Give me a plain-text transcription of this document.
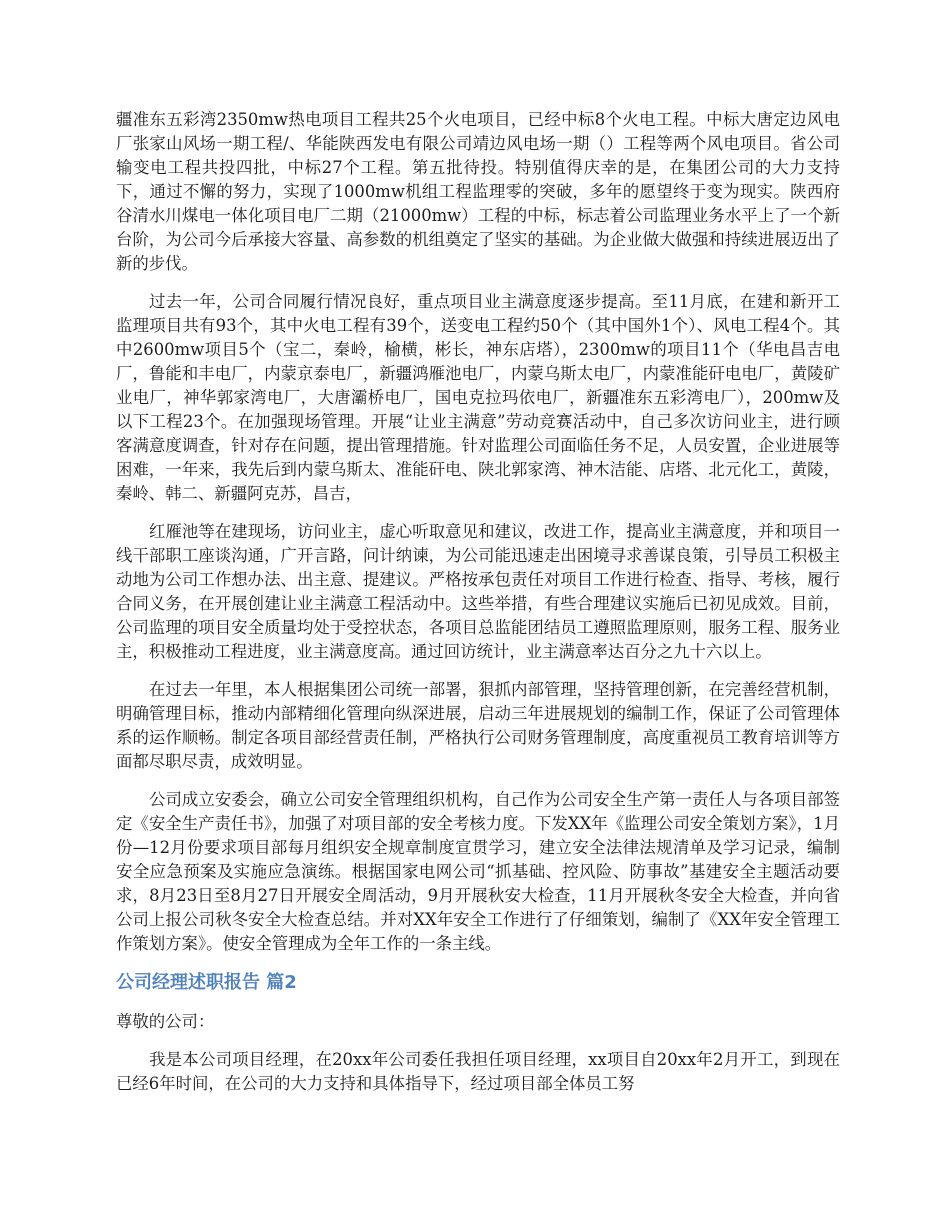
疆准东五彩湾2350mw热电项目工程共25个火电项目，已经中标8个火电工程。中标大唐定边风电厂张家山风场一期工程/、华能陕西发电有限公司靖边风电场一期（）工程等两个风电项目。省公司输变电工程共投四批，中标27个工程。第五批待投。特别值得庆幸的是，在集团公司的大力支持下，通过不懈的努力，实现了1000mw机组工程监理零的突破，多年的愿望终于变为现实。陕西府谷清水川煤电一体化项目电厂二期（21000mw）工程的中标，标志着公司监理业务水平上了一个新台阶，为公司今后承接大容量、高参数的机组奠定了坚实的基础。为企业做大做强和持续进展迈出了新的步伐。

过去一年，公司合同履行情况良好，重点项目业主满意度逐步提高。至11月底，在建和新开工监理项目共有93个，其中火电工程有39个，送变电工程约50个（其中国外1个）、风电工程4个。其中2600mw项目5个（宝二，秦岭，榆横，彬长，神东店塔），2300mw的项目11个（华电昌吉电厂，鲁能和丰电厂，内蒙京泰电厂，新疆鸿雁池电厂，内蒙乌斯太电厂，内蒙准能矸电电厂，黄陵矿业电厂，神华郭家湾电厂，大唐灞桥电厂，国电克拉玛依电厂，新疆准东五彩湾电厂），200mw及以下工程23个。在加强现场管理。开展“让业主满意”劳动竞赛活动中，自己多次访问业主，进行顾客满意度调查，针对存在问题，提出管理措施。针对监理公司面临任务不足，人员安置，企业进展等困难，一年来，我先后到内蒙乌斯太、准能矸电、陕北郭家湾、神木洁能、店塔、北元化工，黄陵，秦岭、韩二、新疆阿克苏，昌吉，

红雁池等在建现场，访问业主，虚心听取意见和建议，改进工作，提高业主满意度，并和项目一线干部职工座谈沟通，广开言路，问计纳谏，为公司能迅速走出困境寻求善谋良策，引导员工积极主动地为公司工作想办法、出主意、提建议。严格按承包责任对项目工作进行检查、指导、考核，履行合同义务，在开展创建让业主满意工程活动中。这些举措，有些合理建议实施后已初见成效。目前，公司监理的项目安全质量均处于受控状态，各项目总监能团结员工遵照监理原则，服务工程、服务业主，积极推动工程进度，业主满意度高。通过回访统计，业主满意率达百分之九十六以上。

在过去一年里，本人根据集团公司统一部署，狠抓内部管理，坚持管理创新，在完善经营机制，明确管理目标，推动内部精细化管理向纵深进展，启动三年进展规划的编制工作，保证了公司管理体系的运作顺畅。制定各项目部经营责任制，严格执行公司财务管理制度，高度重视员工教育培训等方面都尽职尽责，成效明显。

公司成立安委会，确立公司安全管理组织机构，自己作为公司安全生产第一责任人与各项目部签定《安全生产责任书》，加强了对项目部的安全考核力度。下发XX年《监理公司安全策划方案》，1月份—12月份要求项目部每月组织安全规章制度宣贯学习，建立安全法律法规清单及学习记录，编制安全应急预案及实施应急演练。根据国家电网公司“抓基础、控风险、防事故”基建安全主题活动要求，8月23日至8月27日开展安全周活动，9月开展秋安大检查，11月开展秋冬安全大检查，并向省公司上报公司秋冬安全大检查总结。并对XX年安全工作进行了仔细策划，编制了《XX年安全管理工作策划方案》。使安全管理成为全年工作的一条主线。

公司经理述职报告 篇2

尊敬的公司：

我是本公司项目经理，在20xx年公司委任我担任项目经理，xx项目自20xx年2月开工，到现在已经6年时间，在公司的大力支持和具体指导下，经过项目部全体员工努
